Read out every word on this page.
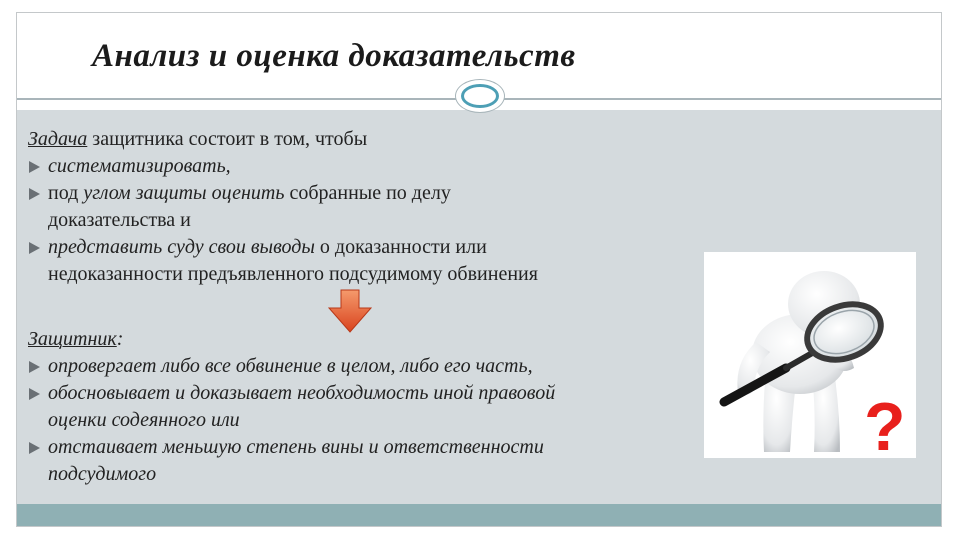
Анализ и оценка доказательств
Задача защитника состоит в том, чтобы
систематизировать,
под углом защиты оценить собранные по делу
доказательства и
представить суду свои выводы о доказанности или
недоказанности предъявленного подсудимому обвинения
Защитник:
опровергает либо все обвинение в целом, либо его часть,
обосновывает и доказывает необходимость иной правовой
оценки содеянного или
отстаивает меньшую степень вины и ответственности
подсудимого
?
